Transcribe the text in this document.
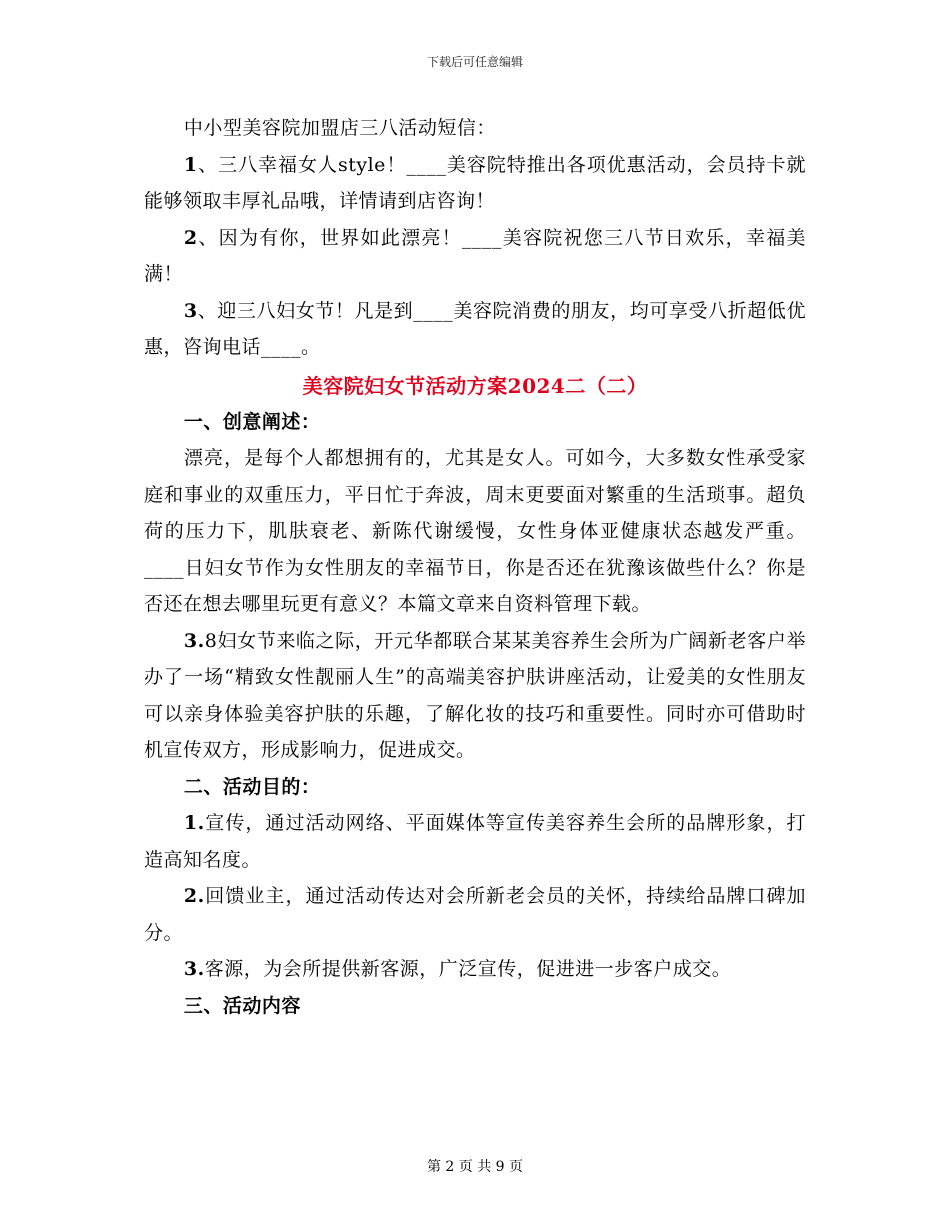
下载后可任意编辑

中小型美容院加盟店三八活动短信：

1、三八幸福女人style！____美容院特推出各项优惠活动，会员持卡就能够领取丰厚礼品哦，详情请到店咨询！

2、因为有你，世界如此漂亮！____美容院祝您三八节日欢乐，幸福美满！

3、迎三八妇女节！凡是到____美容院消费的朋友，均可享受八折超低优惠，咨询电话____。

美容院妇女节活动方案2024二（二）

一、创意阐述：

漂亮，是每个人都想拥有的，尤其是女人。可如今，大多数女性承受家庭和事业的双重压力，平日忙于奔波，周末更要面对繁重的生活琐事。超负荷的压力下，肌肤衰老、新陈代谢缓慢，女性身体亚健康状态越发严重。____日妇女节作为女性朋友的幸福节日，你是否还在犹豫该做些什么？你是否还在想去哪里玩更有意义？本篇文章来自资料管理下载。

3.8妇女节来临之际，开元华都联合某某美容养生会所为广阔新老客户举办了一场“精致女性靓丽人生”的高端美容护肤讲座活动，让爱美的女性朋友可以亲身体验美容护肤的乐趣，了解化妆的技巧和重要性。同时亦可借助时机宣传双方，形成影响力，促进成交。

二、活动目的：

1.宣传，通过活动网络、平面媒体等宣传美容养生会所的品牌形象，打造高知名度。

2.回馈业主，通过活动传达对会所新老会员的关怀，持续给品牌口碑加分。

3.客源，为会所提供新客源，广泛宣传，促进进一步客户成交。

三、活动内容

第 2 页 共 9 页
